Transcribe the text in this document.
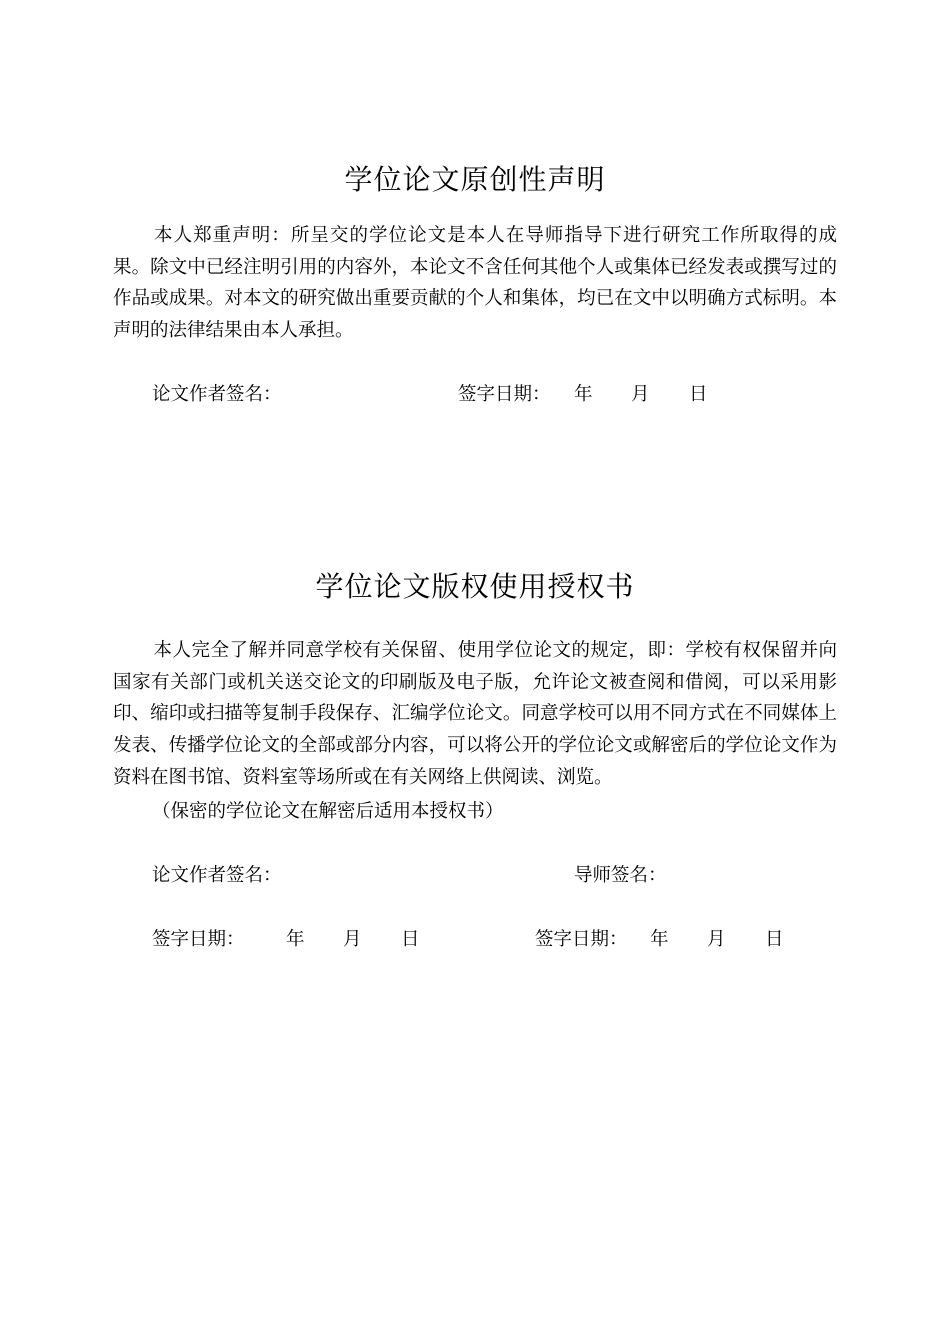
学位论文原创性声明
本人郑重声明：所呈交的学位论文是本人在导师指导下进行研究工作所取得的成果。除文中已经注明引用的内容外，本论文不含任何其他个人或集体已经发表或撰写过的作品或成果。对本文的研究做出重要贡献的个人和集体，均已在文中以明确方式标明。本声明的法律结果由本人承担。
论文作者签名：	签字日期： 年 月 日
学位论文版权使用授权书
本人完全了解并同意学校有关保留、使用学位论文的规定，即：学校有权保留并向国家有关部门或机关送交论文的印刷版及电子版，允许论文被查阅和借阅，可以采用影印、缩印或扫描等复制手段保存、汇编学位论文。同意学校可以用不同方式在不同媒体上发表、传播学位论文的全部或部分内容，可以将公开的学位论文或解密后的学位论文作为资料在图书馆、资料室等场所或在有关网络上供阅读、浏览。
（保密的学位论文在解密后适用本授权书）
论文作者签名：	导师签名：
签字日期： 年 月 日	签字日期： 年 月 日
